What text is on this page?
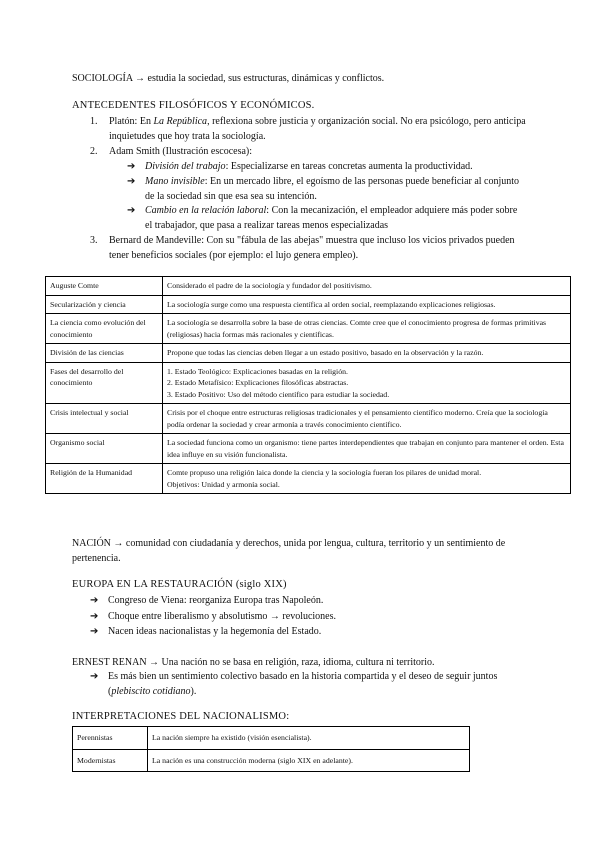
SOCIOLOGÍA → estudia la sociedad, sus estructuras, dinámicas y conflictos.
ANTECEDENTES FILOSÓFICOS Y ECONÓMICOS.
1. Platón: En La República, reflexiona sobre justicia y organización social. No era psicólogo, pero anticipa inquietudes que hoy trata la sociología.
2. Adam Smith (Ilustración escocesa):
➔ División del trabajo: Especializarse en tareas concretas aumenta la productividad.
➔ Mano invisible: En un mercado libre, el egoísmo de las personas puede beneficiar al conjunto de la sociedad sin que esa sea su intención.
➔ Cambio en la relación laboral: Con la mecanización, el empleador adquiere más poder sobre el trabajador, que pasa a realizar tareas menos especializadas
3. Bernard de Mandeville: Con su "fábula de las abejas" muestra que incluso los vicios privados pueden tener beneficios sociales (por ejemplo: el lujo genera empleo).
Auguste Comte	Considerado el padre de la sociología y fundador del positivismo.

Secularización y ciencia	La sociología surge como una respuesta científica al orden social, reemplazando explicaciones religiosas.

La ciencia como evolución del conocimiento	La sociología se desarrolla sobre la base de otras ciencias. Comte cree que el conocimiento progresa de formas primitivas (religiosas) hacia formas más racionales y científicas.

División de las ciencias	Propone que todas las ciencias deben llegar a un estado positivo, basado en la observación y la razón.

Fases del desarrollo del conocimiento	1. Estado Teológico: Explicaciones basadas en la religión.
2. Estado Metafísico: Explicaciones filosóficas abstractas.
3. Estado Positivo: Uso del método científico para estudiar la sociedad.

Crisis intelectual y social	Crisis por el choque entre estructuras religiosas tradicionales y el pensamiento científico moderno. Creía que la sociología podía ordenar la sociedad y crear armonía a través conocimiento científico.

Organismo social	La sociedad funciona como un organismo: tiene partes interdependientes que trabajan en conjunto para mantener el orden. Esta idea influye en su visión funcionalista.

Religión de la Humanidad	Comte propuso una religión laica donde la ciencia y la sociología fueran los pilares de unidad moral.
Objetivos: Unidad y armonía social.
NACIÓN → comunidad con ciudadanía y derechos, unida por lengua, cultura, territorio y un sentimiento de pertenencia.
EUROPA EN LA RESTAURACIÓN (siglo XIX)
➔ Congreso de Viena: reorganiza Europa tras Napoleón.
➔ Choque entre liberalismo y absolutismo → revoluciones.
➔ Nacen ideas nacionalistas y la hegemonía del Estado.
ERNEST RENAN → Una nación no se basa en religión, raza, idioma, cultura ni territorio.
➔ Es más bien un sentimiento colectivo basado en la historia compartida y el deseo de seguir juntos (plebiscito cotidiano).
INTERPRETACIONES DEL NACIONALISMO:
Perennistas	La nación siempre ha existido (visión esencialista).
Modernistas	La nación es una construcción moderna (siglo XIX en adelante).
